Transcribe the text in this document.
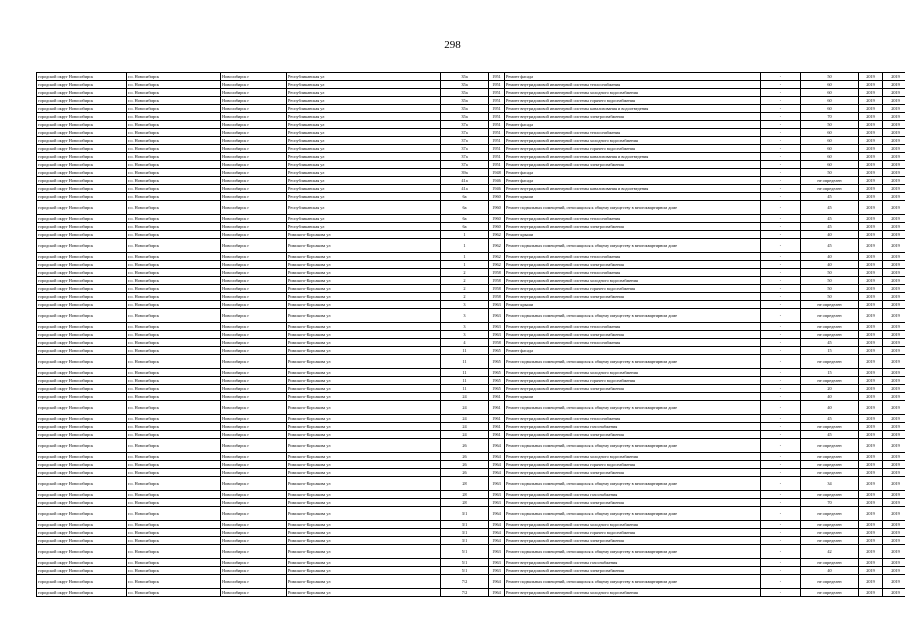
298
городской округ Новосибирск	г.о. Новосибирск	Новосибирск г	Республиканская ул	35а	1951	Ремонт фасада	-	50	2019	2019
городской округ Новосибирск	г.о. Новосибирск	Новосибирск г	Республиканская ул	35а	1951	Ремонт внутридомовой инженерной системы теплоснабжения	-	60	2019	2019
городской округ Новосибирск	г.о. Новосибирск	Новосибирск г	Республиканская ул	35а	1951	Ремонт внутридомовой инженерной системы холодного водоснабжения	-	60	2019	2019
городской округ Новосибирск	г.о. Новосибирск	Новосибирск г	Республиканская ул	35а	1951	Ремонт внутридомовой инженерной системы горячего водоснабжения	-	60	2019	2019
городской округ Новосибирск	г.о. Новосибирск	Новосибирск г	Республиканская ул	35а	1951	Ремонт внутридомовой инженерной системы канализования и водоотведения	-	60	2019	2019
городской округ Новосибирск	г.о. Новосибирск	Новосибирск г	Республиканская ул	35а	1951	Ремонт внутридомовой инженерной системы электроснабжения	-	70	2019	2019
городской округ Новосибирск	г.о. Новосибирск	Новосибирск г	Республиканская ул	37а	1951	Ремонт фасада	-	50	2019	2019
городской округ Новосибирск	г.о. Новосибирск	Новосибирск г	Республиканская ул	37а	1951	Ремонт внутридомовой инженерной системы теплоснабжения	-	60	2019	2019
городской округ Новосибирск	г.о. Новосибирск	Новосибирск г	Республиканская ул	37а	1951	Ремонт внутридомовой инженерной системы холодного водоснабжения	-	60	2019	2019
городской округ Новосибирск	г.о. Новосибирск	Новосибирск г	Республиканская ул	37а	1951	Ремонт внутридомовой инженерной системы горячего водоснабжения	-	60	2019	2019
городской округ Новосибирск	г.о. Новосибирск	Новосибирск г	Республиканская ул	37а	1951	Ремонт внутридомовой инженерной системы канализования и водоотведения	-	60	2019	2019
городской округ Новосибирск	г.о. Новосибирск	Новосибирск г	Республиканская ул	37а	1951	Ремонт внутридомовой инженерной системы электроснабжения	-	60	2019	2019
городской округ Новосибирск	г.о. Новосибирск	Новосибирск г	Республиканская ул	39а	1948	Ремонт фасада	-	50	2019	2019
городской округ Новосибирск	г.о. Новосибирск	Новосибирск г	Республиканская ул	41а	1946	Ремонт фасада	-	не определен	2019	2019
городской округ Новосибирск	г.о. Новосибирск	Новосибирск г	Республиканская ул	41а	1946	Ремонт внутридомовой инженерной системы канализования и водоотведения	-	не определен	2019	2019
городской округ Новосибирск	г.о. Новосибирск	Новосибирск г	Республиканская ул	6а	1960	Ремонт крыши	-	45	2019	2019
городской округ Новосибирск	г.о. Новосибирск	Новосибирск г	Республиканская ул	6а	1960	Ремонт подвальных помещений, относящихся к общему имуществу в многоквартирном доме	-	45	2019	2019
городской округ Новосибирск	г.о. Новосибирск	Новосибирск г	Республиканская ул	6а	1960	Ремонт внутридомовой инженерной системы теплоснабжения	-	45	2019	2019
городской округ Новосибирск	г.о. Новосибирск	Новосибирск г	Республиканская ул	6а	1960	Ремонт внутридомовой инженерной системы электроснабжения	-	45	2019	2019
городской округ Новосибирск	г.о. Новосибирск	Новосибирск г	Римского-Корсакова ул	1	1962	Ремонт крыши	-	40	2019	2019
городской округ Новосибирск	г.о. Новосибирск	Новосибирск г	Римского-Корсакова ул	1	1962	Ремонт подвальных помещений, относящихся к общему имуществу в многоквартирном доме	-	45	2019	2019
городской округ Новосибирск	г.о. Новосибирск	Новосибирск г	Римского-Корсакова ул	1	1962	Ремонт внутридомовой инженерной системы теплоснабжения	-	40	2019	2019
городской округ Новосибирск	г.о. Новосибирск	Новосибирск г	Римского-Корсакова ул	1	1962	Ремонт внутридомовой инженерной системы электроснабжения	-	40	2019	2019
городской округ Новосибирск	г.о. Новосибирск	Новосибирск г	Римского-Корсакова ул	2	1958	Ремонт внутридомовой инженерной системы теплоснабжения	-	50	2019	2019
городской округ Новосибирск	г.о. Новосибирск	Новосибирск г	Римского-Корсакова ул	2	1958	Ремонт внутридомовой инженерной системы холодного водоснабжения	-	50	2019	2019
городской округ Новосибирск	г.о. Новосибирск	Новосибирск г	Римского-Корсакова ул	2	1958	Ремонт внутридомовой инженерной системы горячего водоснабжения	-	50	2019	2019
городской округ Новосибирск	г.о. Новосибирск	Новосибирск г	Римского-Корсакова ул	2	1958	Ремонт внутридомовой инженерной системы электроснабжения	-	50	2019	2019
городской округ Новосибирск	г.о. Новосибирск	Новосибирск г	Римского-Корсакова ул	3	1963	Ремонт крыши	-	не определен	2019	2019
городской округ Новосибирск	г.о. Новосибирск	Новосибирск г	Римского-Корсакова ул	3	1963	Ремонт подвальных помещений, относящихся к общему имуществу в многоквартирном доме	-	не определен	2019	2019
городской округ Новосибирск	г.о. Новосибирск	Новосибирск г	Римского-Корсакова ул	3	1963	Ремонт внутридомовой инженерной системы теплоснабжения	-	не определен	2019	2019
городской округ Новосибирск	г.о. Новосибирск	Новосибирск г	Римского-Корсакова ул	3	1963	Ремонт внутридомовой инженерной системы электроснабжения	-	не определен	2019	2019
городской округ Новосибирск	г.о. Новосибирск	Новосибирск г	Римского-Корсакова ул	4	1958	Ремонт внутридомовой инженерной системы теплоснабжения	-	45	2019	2019
городской округ Новосибирск	г.о. Новосибирск	Новосибирск г	Римского-Корсакова ул	11	1965	Ремонт фасада	-	15	2019	2019
городской округ Новосибирск	г.о. Новосибирск	Новосибирск г	Римского-Корсакова ул	11	1965	Ремонт подвальных помещений, относящихся к общему имуществу в многоквартирном доме	-	не определен	2019	2019
городской округ Новосибирск	г.о. Новосибирск	Новосибирск г	Римского-Корсакова ул	11	1965	Ремонт внутридомовой инженерной системы холодного водоснабжения	-	15	2019	2019
городской округ Новосибирск	г.о. Новосибирск	Новосибирск г	Римского-Корсакова ул	11	1965	Ремонт внутридомовой инженерной системы горячего водоснабжения	-	не определен	2019	2019
городской округ Новосибирск	г.о. Новосибирск	Новосибирск г	Римского-Корсакова ул	11	1965	Ремонт внутридомовой инженерной системы электроснабжения	-	20	2019	2019
городской округ Новосибирск	г.о. Новосибирск	Новосибирск г	Римского-Корсакова ул	24	1961	Ремонт крыши	-	40	2019	2019
городской округ Новосибирск	г.о. Новосибирск	Новосибирск г	Римского-Корсакова ул	24	1961	Ремонт подвальных помещений, относящихся к общему имуществу в многоквартирном доме	-	40	2019	2019
городской округ Новосибирск	г.о. Новосибирск	Новосибирск г	Римского-Корсакова ул	24	1961	Ремонт внутридомовой инженерной системы теплоснабжения	-	45	2019	2019
городской округ Новосибирск	г.о. Новосибирск	Новосибирск г	Римского-Корсакова ул	24	1961	Ремонт внутридомовой инженерной системы газоснабжения	-	не определен	2019	2019
городской округ Новосибирск	г.о. Новосибирск	Новосибирск г	Римского-Корсакова ул	24	1961	Ремонт внутридомовой инженерной системы электроснабжения	-	45	2019	2019
городской округ Новосибирск	г.о. Новосибирск	Новосибирск г	Римского-Корсакова ул	26	1964	Ремонт подвальных помещений, относящихся к общему имуществу в многоквартирном доме	-	не определен	2019	2019
городской округ Новосибирск	г.о. Новосибирск	Новосибирск г	Римского-Корсакова ул	26	1964	Ремонт внутридомовой инженерной системы холодного водоснабжения	-	не определен	2019	2019
городской округ Новосибирск	г.о. Новосибирск	Новосибирск г	Римского-Корсакова ул	26	1964	Ремонт внутридомовой инженерной системы горячего водоснабжения	-	не определен	2019	2019
городской округ Новосибирск	г.о. Новосибирск	Новосибирск г	Римского-Корсакова ул	26	1964	Ремонт внутридомовой инженерной системы электроснабжения	-	не определен	2019	2019
городской округ Новосибирск	г.о. Новосибирск	Новосибирск г	Римского-Корсакова ул	28	1963	Ремонт подвальных помещений, относящихся к общему имуществу в многоквартирном доме	-	34	2019	2019
городской округ Новосибирск	г.о. Новосибирск	Новосибирск г	Римского-Корсакова ул	28	1963	Ремонт внутридомовой инженерной системы газоснабжения	-	не определен	2019	2019
городской округ Новосибирск	г.о. Новосибирск	Новосибирск г	Римского-Корсакова ул	28	1963	Ремонт внутридомовой инженерной системы электроснабжения	-	70	2019	2019
городской округ Новосибирск	г.о. Новосибирск	Новосибирск г	Римского-Корсакова ул	3/1	1964	Ремонт подвальных помещений, относящихся к общему имуществу в многоквартирном доме	-	не определен	2019	2019
городской округ Новосибирск	г.о. Новосибирск	Новосибирск г	Римского-Корсакова ул	3/1	1964	Ремонт внутридомовой инженерной системы холодного водоснабжения	-	не определен	2019	2019
городской округ Новосибирск	г.о. Новосибирск	Новосибирск г	Римского-Корсакова ул	3/1	1964	Ремонт внутридомовой инженерной системы горячего водоснабжения	-	не определен	2019	2019
городской округ Новосибирск	г.о. Новосибирск	Новосибирск г	Римского-Корсакова ул	3/1	1964	Ремонт внутридомовой инженерной системы электроснабжения	-	не определен	2019	2019
городской округ Новосибирск	г.о. Новосибирск	Новосибирск г	Римского-Корсакова ул	5/1	1963	Ремонт подвальных помещений, относящихся к общему имуществу в многоквартирном доме	-	42	2019	2019
городской округ Новосибирск	г.о. Новосибирск	Новосибирск г	Римского-Корсакова ул	5/1	1963	Ремонт внутридомовой инженерной системы газоснабжения	-	не определен	2019	2019
городской округ Новосибирск	г.о. Новосибирск	Новосибирск г	Римского-Корсакова ул	5/1	1963	Ремонт внутридомовой инженерной системы электроснабжения	-	40	2019	2019
городской округ Новосибирск	г.о. Новосибирск	Новосибирск г	Римского-Корсакова ул	7/2	1964	Ремонт подвальных помещений, относящихся к общему имуществу в многоквартирном доме	-	не определен	2019	2019
городской округ Новосибирск	г.о. Новосибирск	Новосибирск г	Римского-Корсакова ул	7/2	1964	Ремонт внутридомовой инженерной системы холодного водоснабжения	-	не определен	2019	2019
